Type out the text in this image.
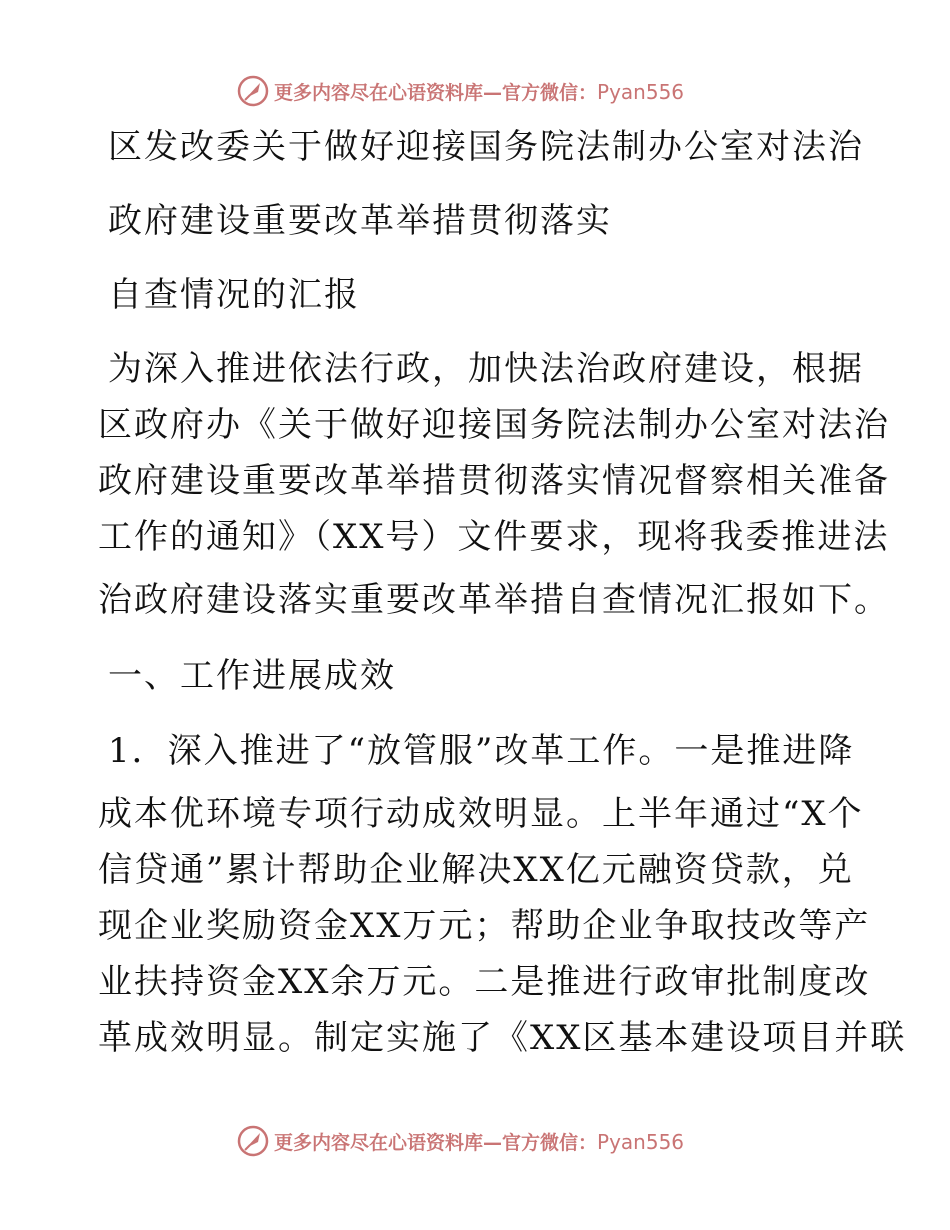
更多内容尽在心语资料库—官方微信：Pyan556
区发改委关于做好迎接国务院法制办公室对法治
政府建设重要改革举措贯彻落实
自查情况的汇报
为深入推进依法行政，加快法治政府建设，根据
区政府办《关于做好迎接国务院法制办公室对法治
政府建设重要改革举措贯彻落实情况督察相关准备
工作的通知》（XX号）文件要求，现将我委推进法
治政府建设落实重要改革举措自查情况汇报如下。
一、工作进展成效
1．深入推进了“放管服”改革工作。一是推进降
成本优环境专项行动成效明显。上半年通过“X个
信贷通”累计帮助企业解决XX亿元融资贷款，兑
现企业奖励资金XX万元；帮助企业争取技改等产
业扶持资金XX余万元。二是推进行政审批制度改
革成效明显。制定实施了《XX区基本建设项目并联
更多内容尽在心语资料库—官方微信：Pyan556
